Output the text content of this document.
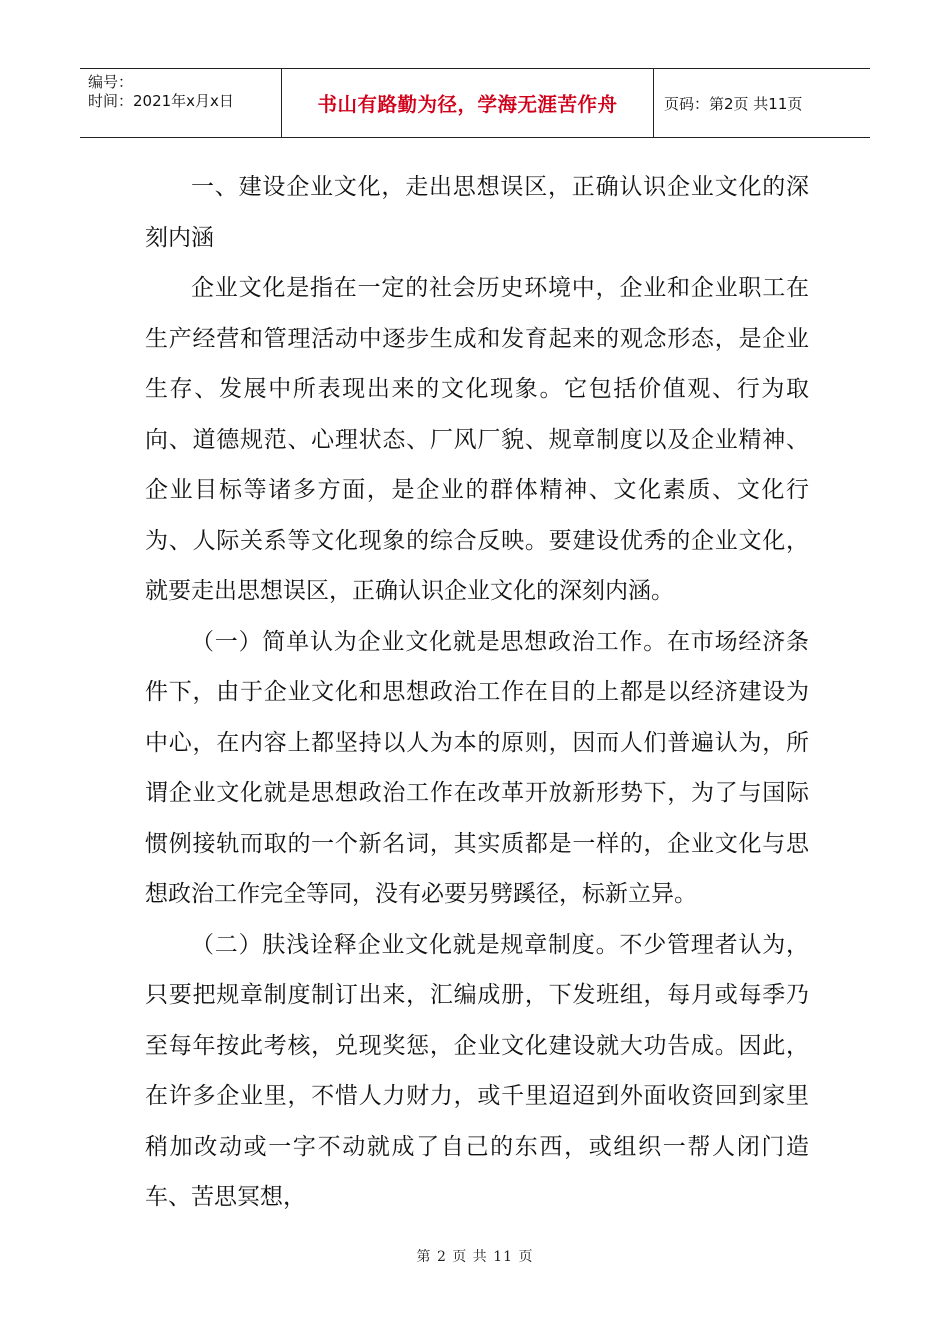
编号：
时间：2021年x月x日	书山有路勤为径，学海无涯苦作舟	页码：第2页 共11页

一、建设企业文化，走出思想误区，正确认识企业文化的深刻内涵

企业文化是指在一定的社会历史环境中，企业和企业职工在生产经营和管理活动中逐步生成和发育起来的观念形态，是企业生存、发展中所表现出来的文化现象。它包括价值观、行为取向、道德规范、心理状态、厂风厂貌、规章制度以及企业精神、企业目标等诸多方面，是企业的群体精神、文化素质、文化行为、人际关系等文化现象的综合反映。要建设优秀的企业文化，就要走出思想误区，正确认识企业文化的深刻内涵。

（一）简单认为企业文化就是思想政治工作。在市场经济条件下，由于企业文化和思想政治工作在目的上都是以经济建设为中心，在内容上都坚持以人为本的原则，因而人们普遍认为，所谓企业文化就是思想政治工作在改革开放新形势下，为了与国际惯例接轨而取的一个新名词，其实质都是一样的，企业文化与思想政治工作完全等同，没有必要另劈蹊径，标新立异。

（二）肤浅诠释企业文化就是规章制度。不少管理者认为，只要把规章制度制订出来，汇编成册，下发班组，每月或每季乃至每年按此考核，兑现奖惩，企业文化建设就大功告成。因此，在许多企业里，不惜人力财力，或千里迢迢到外面收资回到家里稍加改动或一字不动就成了自己的东西，或组织一帮人闭门造车、苦思冥想，

第 2 页 共 11 页
